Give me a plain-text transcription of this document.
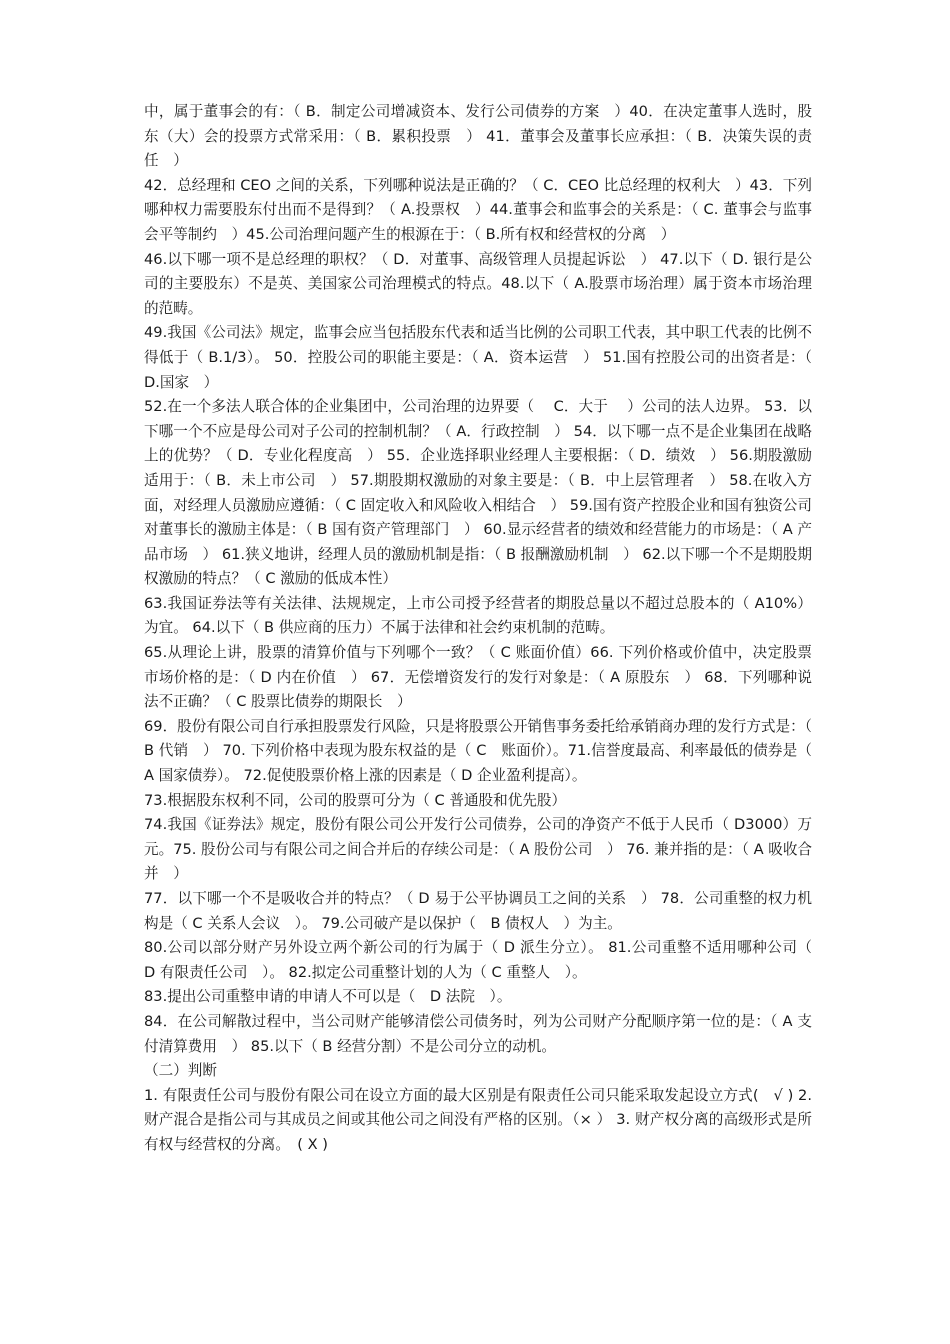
中，属于董事会的有：（ B．制定公司增减资本、发行公司债券的方案　）40．在决定董事人选时，股东（大）会的投票方式常采用：（ B．累积投票　） 41．董事会及董事长应承担：（ B．决策失误的责任　）

42．总经理和 CEO 之间的关系，下列哪种说法是正确的？（ C．CEO 比总经理的权利大　）43．下列哪种权力需要股东付出而不是得到？（ A.投票权　）44.董事会和监事会的关系是：（ C. 董事会与监事会平等制约　）45.公司治理问题产生的根源在于：（ B.所有权和经营权的分离　）

46.以下哪一项不是总经理的职权？（ D．对董事、高级管理人员提起诉讼　） 47.以下（ D. 银行是公司的主要股东）不是英、美国家公司治理模式的特点。48.以下（ A.股票市场治理）属于资本市场治理的范畴。

49.我国《公司法》规定，监事会应当包括股东代表和适当比例的公司职工代表，其中职工代表的比例不得低于（ B.1/3）。 50．控股公司的职能主要是：（ A．资本运营　） 51.国有控股公司的出资者是：（ D.国家　）

52.在一个多法人联合体的企业集团中，公司治理的边界要（　 C．大于　 ）公司的法人边界。 53．以下哪一个不应是母公司对子公司的控制机制？（ A．行政控制　） 54．以下哪一点不是企业集团在战略上的优势？（ D．专业化程度高　） 55．企业选择职业经理人主要根据：（ D．绩效　） 56.期股激励适用于：（ B．未上市公司　） 57.期股期权激励的对象主要是：（ B．中上层管理者　） 58.在收入方面，对经理人员激励应遵循：（ C 固定收入和风险收入相结合　） 59.国有资产控股企业和国有独资公司对董事长的激励主体是：（ B 国有资产管理部门　） 60.显示经营者的绩效和经营能力的市场是：（ A 产品市场　） 61.狭义地讲，经理人员的激励机制是指：（ B 报酬激励机制　） 62.以下哪一个不是期股期权激励的特点？（ C 激励的低成本性）

63.我国证券法等有关法律、法规规定，上市公司授予经营者的期股总量以不超过总股本的（ A10%）为宜。 64.以下（ B 供应商的压力）不属于法律和社会约束机制的范畴。

65.从理论上讲，股票的清算价值与下列哪个一致？（ C 账面价值）66. 下列价格或价值中，决定股票市场价格的是：（ D 内在价值　） 67．无偿增资发行的发行对象是：（ A 原股东　） 68．下列哪种说法不正确？（ C 股票比债券的期限长　）

69．股份有限公司自行承担股票发行风险，只是将股票公开销售事务委托给承销商办理的发行方式是：（ B 代销　） 70. 下列价格中表现为股东权益的是（ C　账面价）。71.信誉度最高、利率最低的债券是（　A 国家债券）。 72.促使股票价格上涨的因素是（ D 企业盈利提高）。

73.根据股东权利不同，公司的股票可分为（ C 普通股和优先股）

74.我国《证券法》规定，股份有限公司公开发行公司债券，公司的净资产不低于人民币（ D3000）万元。75. 股份公司与有限公司之间合并后的存续公司是：（ A 股份公司　） 76. 兼并指的是：（ A 吸收合并　）

77．以下哪一个不是吸收合并的特点？（ D 易于公平协调员工之间的关系　） 78．公司重整的权力机构是（ C 关系人会议　）。 79.公司破产是以保护（　B 债权人　）为主。

80.公司以部分财产另外设立两个新公司的行为属于（ D 派生分立）。 81.公司重整不适用哪种公司（　D 有限责任公司　）。 82.拟定公司重整计划的人为（ C 重整人　）。

83.提出公司重整申请的申请人不可以是（　D 法院　）。

84．在公司解散过程中，当公司财产能够清偿公司债务时，列为公司财产分配顺序第一位的是：（ A 支付清算费用　） 85.以下（ B 经营分割）不是公司分立的动机。

（二）判断

1. 有限责任公司与股份有限公司在设立方面的最大区别是有限责任公司只能采取发起设立方式(　√ ) 2. 财产混合是指公司与其成员之间或其他公司之间没有严格的区别。（× ） 3. 财产权分离的高级形式是所有权与经营权的分离。　( X )
